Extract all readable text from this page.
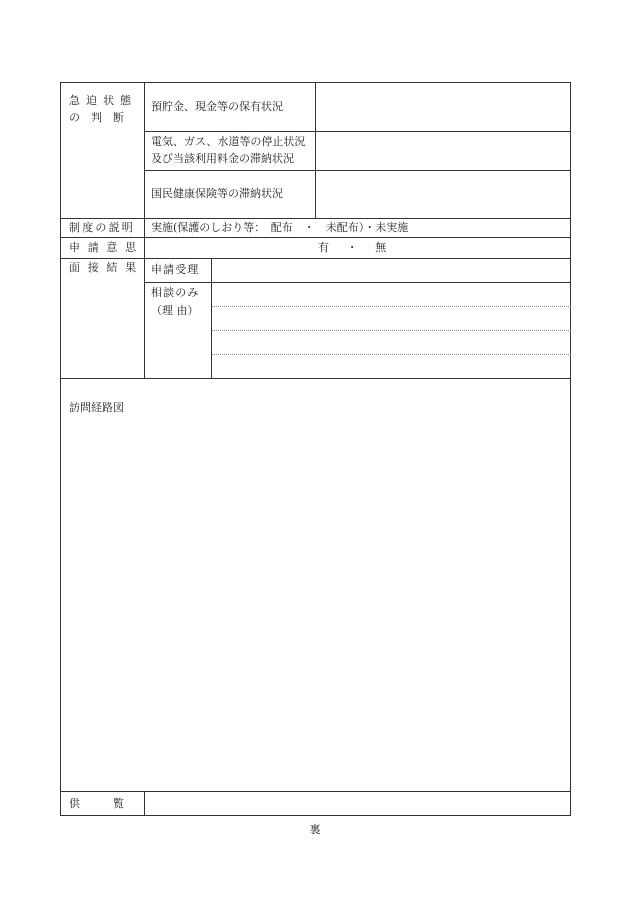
急迫状態
の　判　断
預貯金、現金等の保有状況
電気、ガス、水道等の停止状況
及び当該利用料金の滞納状況
国民健康保険等の滞納状況
制度の説明 実施(保護のしおり等：　配布　・　未配布）・未実施
申請意思	有　・　無
面接結果 申請受理
相談のみ
（理 由）
訪問経路図
供　　　覧
裏
